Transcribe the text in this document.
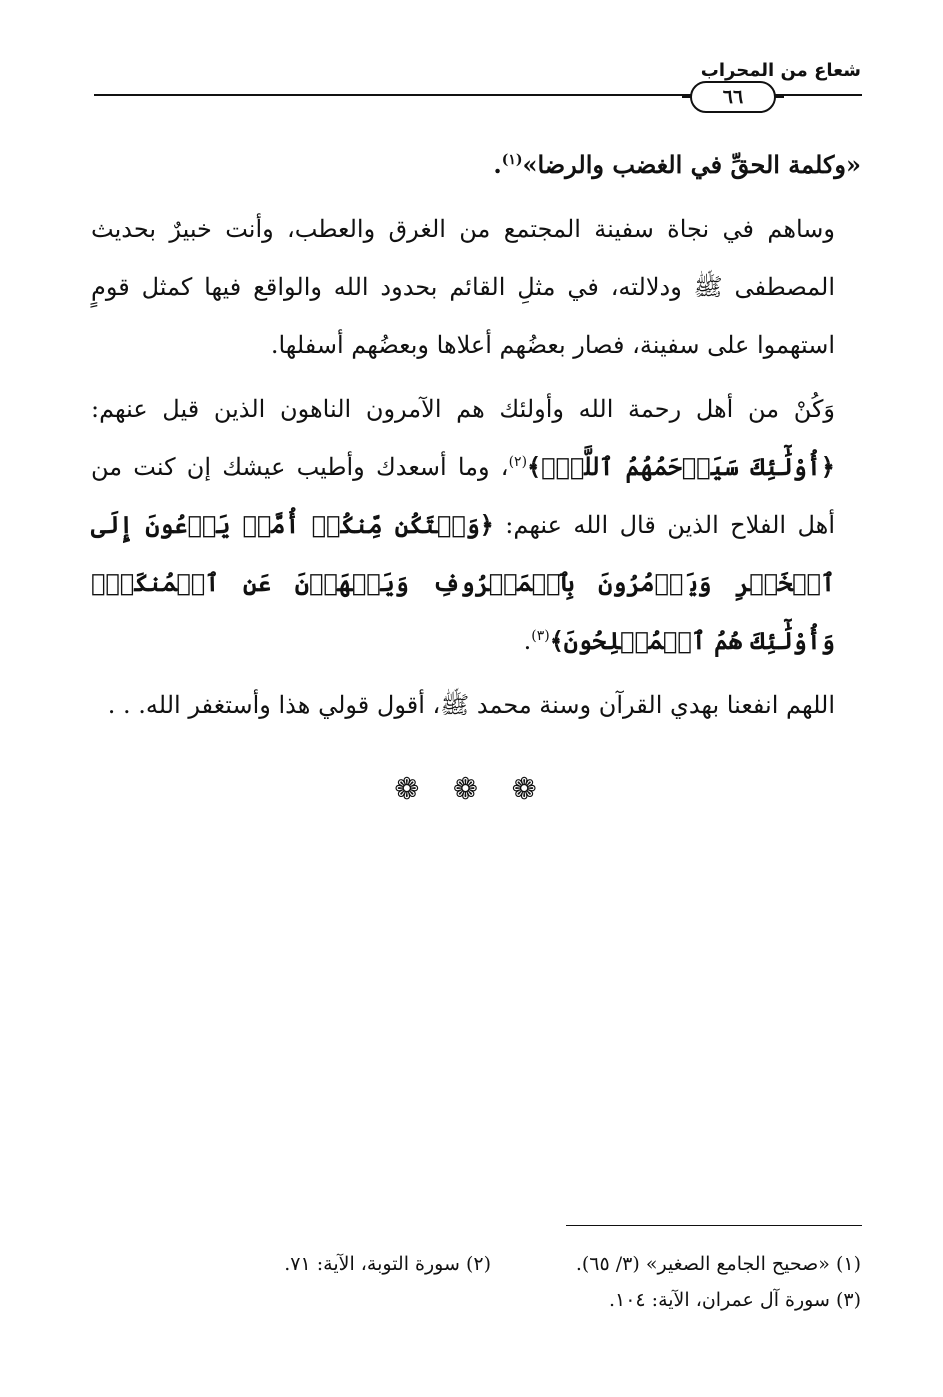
شعاع من المحراب
٦٦

«وكلمة الحقِّ في الغضب والرضا»$^{(١)}$.

وساهم في نجاة سفينة المجتمع من الغرق والعطب، وأنت خبيرٌ بحديث المصطفى ﷺ ودلالته، في مثلِ القائم بحدود الله والواقع فيها كمثل قومٍ استهموا على سفينة، فصار بعضُهم أعلاها وبعضُهم أسفلها.

وَكُنْ من أهل رحمة الله وأولئك هم الآمرون الناهون الذين قيل عنهم: ﴿أُوْلَٰٓئِكَ سَيَرۡحَمُهُمُ ٱللَّهُۗ﴾$^{(٢)}$، وما أسعدك وأطيب عيشك إن كنت من أهل الفلاح الذين قال الله عنهم: ﴿وَلۡتَكُن مِّنكُمۡ أُمَّةٞ يَدۡعُونَ إِلَى ٱلۡخَيۡرِ وَيَأۡمُرُونَ بِٱلۡمَعۡرُوفِ وَيَنۡهَوۡنَ عَنِ ٱلۡمُنكَرِۚ وَأُوْلَٰٓئِكَ هُمُ ٱلۡمُفۡلِحُونَ﴾$^{(٣)}$.

اللهم انفعنا بهدي القرآن وسنة محمد ﷺ، أقول قولي هذا وأستغفر الله. . .

❁ ❁ ❁
(١) «صحيح الجامع الصغير» (٣/ ٦٥).
(٢) سورة التوبة، الآية: ٧١.
(٣) سورة آل عمران، الآية: ١٠٤.
